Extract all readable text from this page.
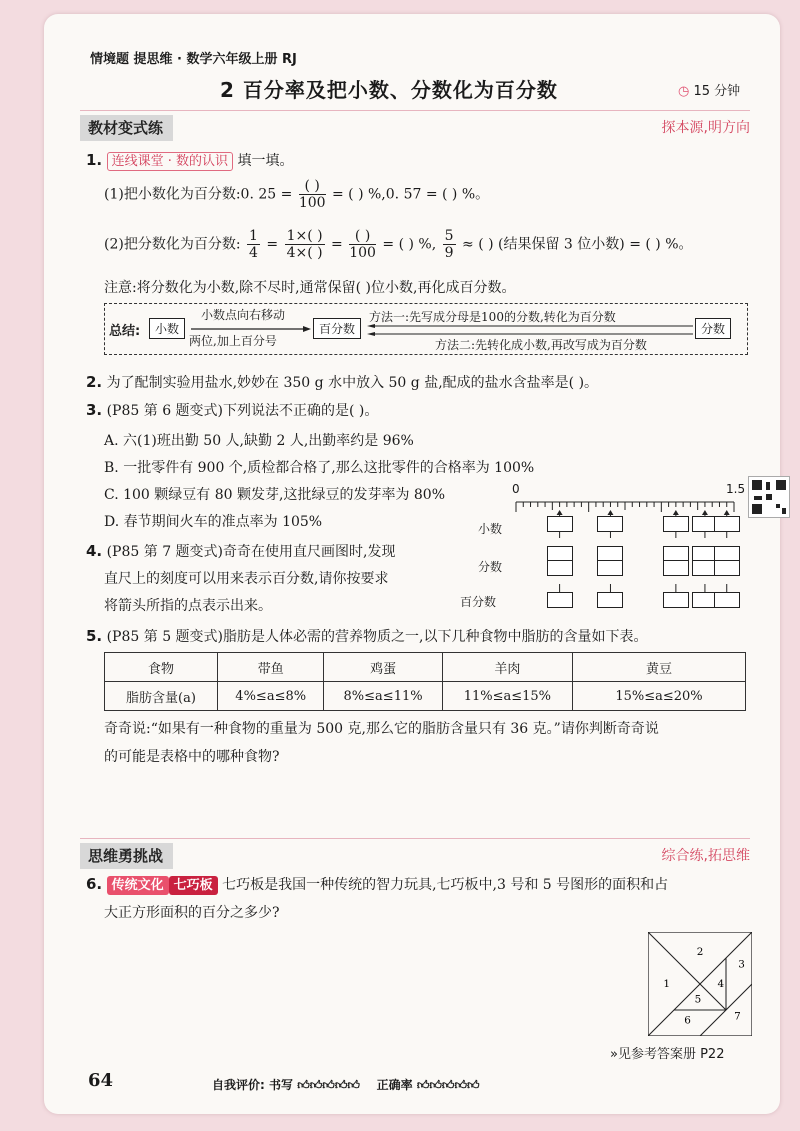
情境题 提思维 · 数学六年级上册 RJ
2 百分率及把小数、分数化为百分数	◷ 15 分钟
教材变式练	探本源,明方向
1. 连线课堂 · 数的认识 填一填。
(1)把小数化为百分数:0. $25 = \frac{( )}{100}$ = ( ) %,0. 57 = ( ) %。
(2)把分数化为百分数: $\frac{1}{4} = \frac{1\times( )}{4\times( )} = \frac{( )}{100}$ = ( ) %, $\frac{5}{9}$ ≈ ( ) (结果保留 3 位小数) = ( ) %。
注意:将分数化为小数,除不尽时,通常保留( )位小数,再化成百分数。
总结:	小数
小数点向右移动
两位,加上百分号
百分数
方法一:先写成分母是100的分数,转化为百分数
方法二:先转化成小数,再改写成为百分数
分数
2. 为了配制实验用盐水,妙妙在 350 g 水中放入 50 g 盐,配成的盐水含盐率是( )。
3. (P85 第 6 题变式)下列说法不正确的是( )。
A. 六(1)班出勤 50 人,缺勤 2 人,出勤率约是 96%
B. 一批零件有 900 个,质检都合格了,那么这批零件的合格率为 100%
C. 100 颗绿豆有 80 颗发芽,这批绿豆的发芽率为 80%
D. 春节期间火车的准点率为 105%
4. (P85 第 7 题变式)奇奇在使用直尺画图时,发现
直尺上的刻度可以用来表示百分数,请你按要求
将箭头所指的点表示出来。
0	1.5
小数
分数
百分数
5. (P85 第 5 题变式)脂肪是人体必需的营养物质之一,以下几种食物中脂肪的含量如下表。
食物	带鱼	鸡蛋	羊肉	黄豆
脂肪含量(a)	4%≤a≤8%	8%≤a≤11%	11%≤a≤15%	15%≤a≤20%
奇奇说:“如果有一种食物的重量为 500 克,那么它的脂肪含量只有 36 克。”请你判断奇奇说
的可能是表格中的哪种食物?
思维勇挑战	综合练,拓思维
6. 传统文化 七巧板 七巧板是我国一种传统的智力玩具,七巧板中,3 号和 5 号图形的面积和占
大正方形面积的百分之多少?
2
1
3
4
5
6	7
»见参考答案册 P22
64	自我评价: 书写 👍︎👍︎👍︎👍︎👍︎ 正确率 👍︎👍︎👍︎👍︎👍︎
